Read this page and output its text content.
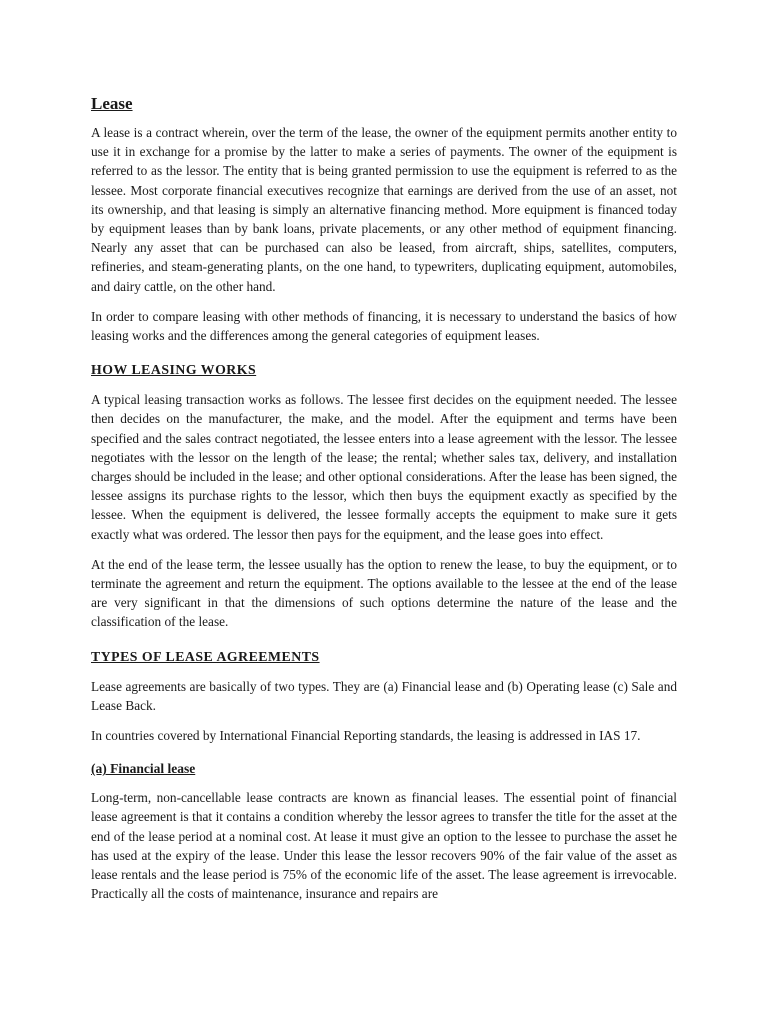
Lease

A lease is a contract wherein, over the term of the lease, the owner of the equipment permits another entity to use it in exchange for a promise by the latter to make a series of payments. The owner of the equipment is referred to as the lessor. The entity that is being granted permission to use the equipment is referred to as the lessee. Most corporate financial executives recognize that earnings are derived from the use of an asset, not its ownership, and that leasing is simply an alternative financing method. More equipment is financed today by equipment leases than by bank loans, private placements, or any other method of equipment financing. Nearly any asset that can be purchased can also be leased, from aircraft, ships, satellites, computers, refineries, and steam-generating plants, on the one hand, to typewriters, duplicating equipment, automobiles, and dairy cattle, on the other hand.

In order to compare leasing with other methods of financing, it is necessary to understand the basics of how leasing works and the differences among the general categories of equipment leases.

HOW LEASING WORKS

A typical leasing transaction works as follows. The lessee first decides on the equipment needed. The lessee then decides on the manufacturer, the make, and the model. After the equipment and terms have been specified and the sales contract negotiated, the lessee enters into a lease agreement with the lessor. The lessee negotiates with the lessor on the length of the lease; the rental; whether sales tax, delivery, and installation charges should be included in the lease; and other optional considerations. After the lease has been signed, the lessee assigns its purchase rights to the lessor, which then buys the equipment exactly as specified by the lessee. When the equipment is delivered, the lessee formally accepts the equipment to make sure it gets exactly what was ordered. The lessor then pays for the equipment, and the lease goes into effect.

At the end of the lease term, the lessee usually has the option to renew the lease, to buy the equipment, or to terminate the agreement and return the equipment. The options available to the lessee at the end of the lease are very significant in that the dimensions of such options determine the nature of the lease and the classification of the lease.

TYPES OF LEASE AGREEMENTS

Lease agreements are basically of two types. They are (a) Financial lease and (b) Operating lease (c) Sale and Lease Back.

In countries covered by International Financial Reporting standards, the leasing is addressed in IAS 17.

(a) Financial lease

Long-term, non-cancellable lease contracts are known as financial leases. The essential point of financial lease agreement is that it contains a condition whereby the lessor agrees to transfer the title for the asset at the end of the lease period at a nominal cost. At lease it must give an option to the lessee to purchase the asset he has used at the expiry of the lease. Under this lease the lessor recovers 90% of the fair value of the asset as lease rentals and the lease period is 75% of the economic life of the asset. The lease agreement is irrevocable. Practically all the costs of maintenance, insurance and repairs are
